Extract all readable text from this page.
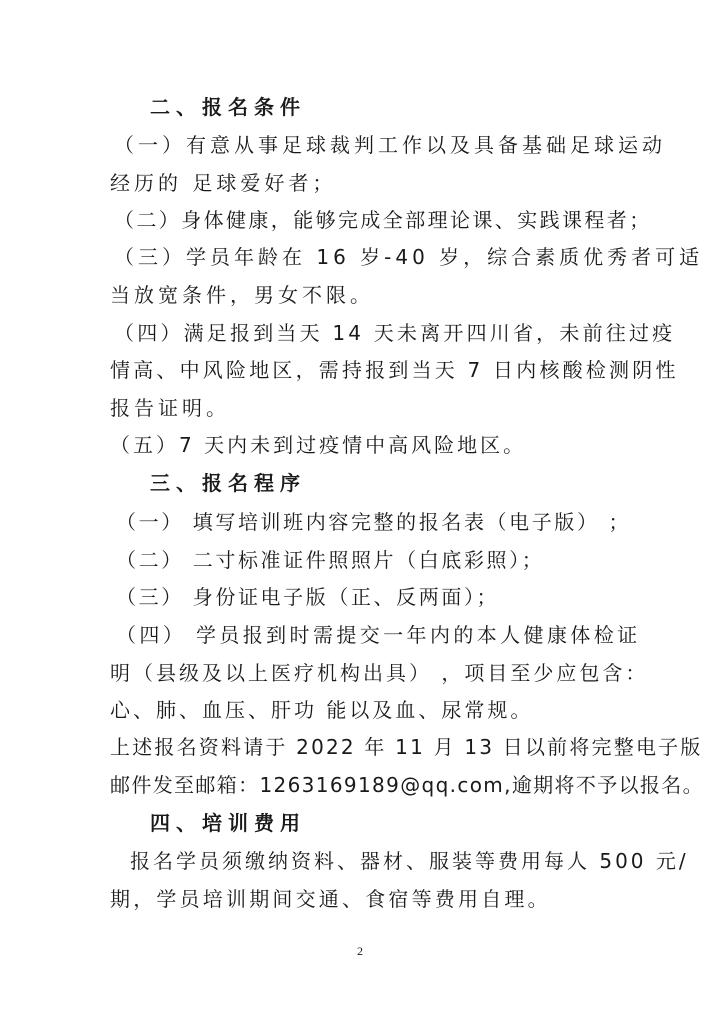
二、报名条件
（一）有意从事足球裁判工作以及具备基础足球运动
经历的 足球爱好者；
（二）身体健康，能够完成全部理论课、实践课程者；
（三）学员年龄在 16 岁-40 岁，综合素质优秀者可适
当放宽条件，男女不限。
（四）满足报到当天 14 天未离开四川省，未前往过疫
情高、中风险地区，需持报到当天 7 日内核酸检测阴性
报告证明。
（五）7 天内未到过疫情中高风险地区。
三、报名程序
（一） 填写培训班内容完整的报名表（电子版） ；
（二） 二寸标准证件照照片（白底彩照）；
（三） 身份证电子版（正、反两面）；
（四） 学员报到时需提交一年内的本人健康体检证
明（县级及以上医疗机构出具） ，项目至少应包含：
心、肺、血压、肝功 能以及血、尿常规。
上述报名资料请于 2022 年 11 月 13 日以前将完整电子版
邮件发至邮箱：1263169189@qq.com,逾期将不予以报名。
四、培训费用
报名学员须缴纳资料、器材、服装等费用每人 500 元/
期，学员培训期间交通、食宿等费用自理。
2
